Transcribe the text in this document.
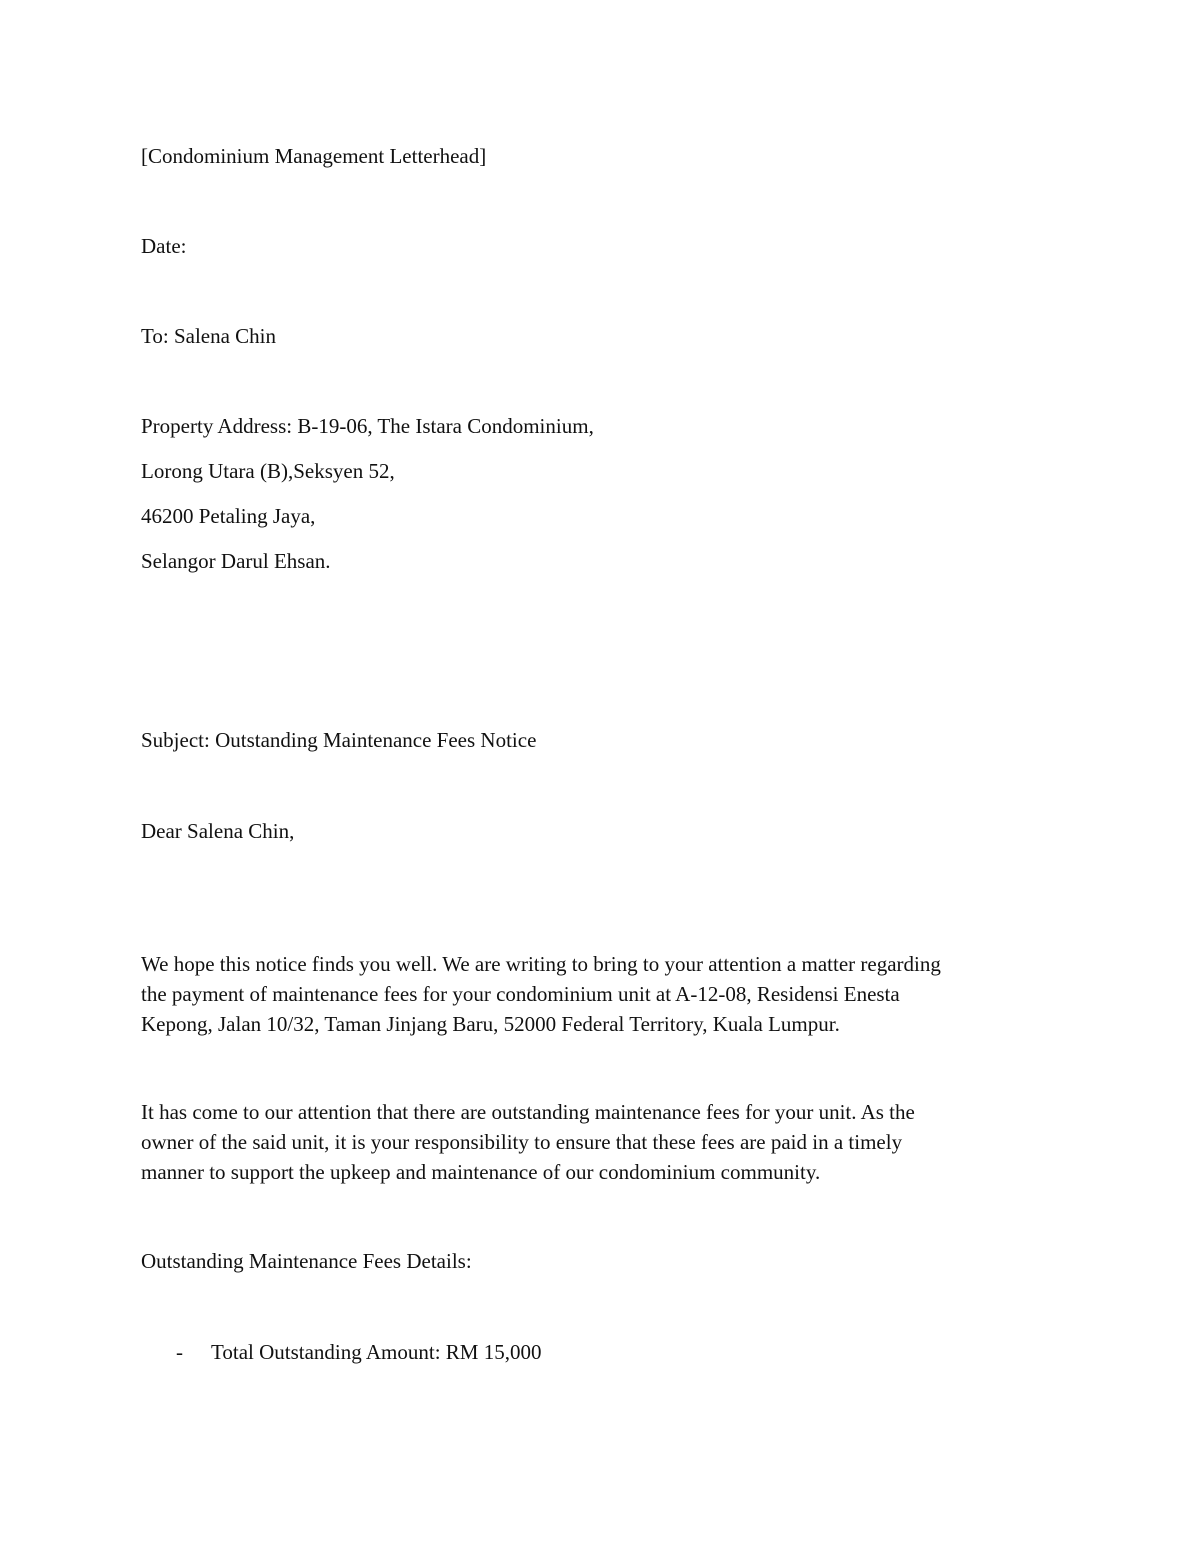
[Condominium Management Letterhead]
Date:
To: Salena Chin
Property Address: B-19-06, The Istara Condominium,
Lorong Utara (B),Seksyen 52,
46200 Petaling Jaya,
Selangor Darul Ehsan.
Subject: Outstanding Maintenance Fees Notice
Dear Salena Chin,
We hope this notice finds you well. We are writing to bring to your attention a matter regarding
the payment of maintenance fees for your condominium unit at A-12-08, Residensi Enesta
Kepong, Jalan 10/32, Taman Jinjang Baru, 52000 Federal Territory, Kuala Lumpur.
It has come to our attention that there are outstanding maintenance fees for your unit. As the
owner of the said unit, it is your responsibility to ensure that these fees are paid in a timely
manner to support the upkeep and maintenance of our condominium community.
Outstanding Maintenance Fees Details:
- Total Outstanding Amount: RM 15,000
